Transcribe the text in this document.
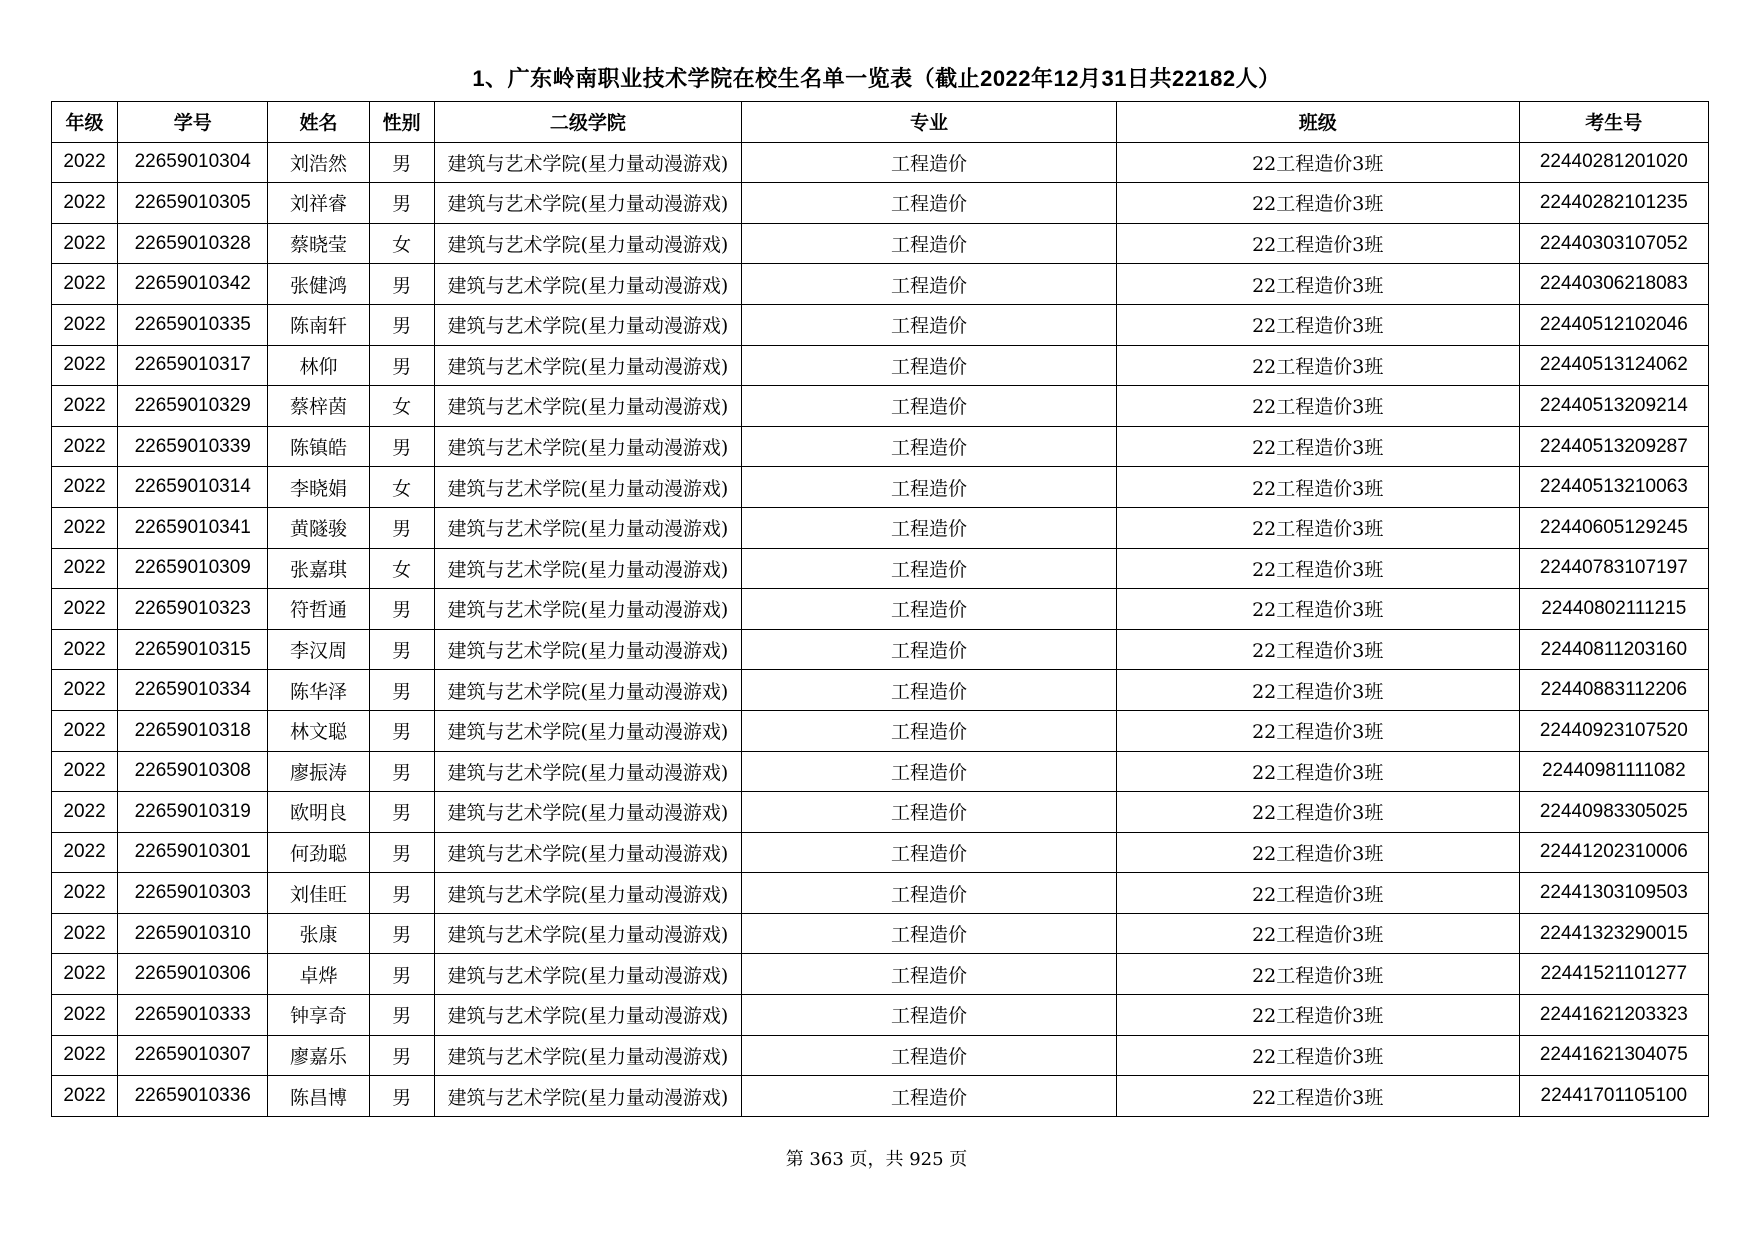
1、广东岭南职业技术学院在校生名单一览表（截止2022年12月31日共22182人）
年级	学号	姓名	性别	二级学院	专业	班级	考生号
2022	22659010304	刘浩然	男	建筑与艺术学院(星力量动漫游戏)	工程造价	22工程造价3班	22440281201020
2022	22659010305	刘祥睿	男	建筑与艺术学院(星力量动漫游戏)	工程造价	22工程造价3班	22440282101235
2022	22659010328	蔡晓莹	女	建筑与艺术学院(星力量动漫游戏)	工程造价	22工程造价3班	22440303107052
2022	22659010342	张健鸿	男	建筑与艺术学院(星力量动漫游戏)	工程造价	22工程造价3班	22440306218083
2022	22659010335	陈南轩	男	建筑与艺术学院(星力量动漫游戏)	工程造价	22工程造价3班	22440512102046
2022	22659010317	林仰	男	建筑与艺术学院(星力量动漫游戏)	工程造价	22工程造价3班	22440513124062
2022	22659010329	蔡梓茵	女	建筑与艺术学院(星力量动漫游戏)	工程造价	22工程造价3班	22440513209214
2022	22659010339	陈镇皓	男	建筑与艺术学院(星力量动漫游戏)	工程造价	22工程造价3班	22440513209287
2022	22659010314	李晓娟	女	建筑与艺术学院(星力量动漫游戏)	工程造价	22工程造价3班	22440513210063
2022	22659010341	黄隧骏	男	建筑与艺术学院(星力量动漫游戏)	工程造价	22工程造价3班	22440605129245
2022	22659010309	张嘉琪	女	建筑与艺术学院(星力量动漫游戏)	工程造价	22工程造价3班	22440783107197
2022	22659010323	符哲通	男	建筑与艺术学院(星力量动漫游戏)	工程造价	22工程造价3班	22440802111215
2022	22659010315	李汉周	男	建筑与艺术学院(星力量动漫游戏)	工程造价	22工程造价3班	22440811203160
2022	22659010334	陈华泽	男	建筑与艺术学院(星力量动漫游戏)	工程造价	22工程造价3班	22440883112206
2022	22659010318	林文聪	男	建筑与艺术学院(星力量动漫游戏)	工程造价	22工程造价3班	22440923107520
2022	22659010308	廖振涛	男	建筑与艺术学院(星力量动漫游戏)	工程造价	22工程造价3班	22440981111082
2022	22659010319	欧明良	男	建筑与艺术学院(星力量动漫游戏)	工程造价	22工程造价3班	22440983305025
2022	22659010301	何劲聪	男	建筑与艺术学院(星力量动漫游戏)	工程造价	22工程造价3班	22441202310006
2022	22659010303	刘佳旺	男	建筑与艺术学院(星力量动漫游戏)	工程造价	22工程造价3班	22441303109503
2022	22659010310	张康	男	建筑与艺术学院(星力量动漫游戏)	工程造价	22工程造价3班	22441323290015
2022	22659010306	卓烨	男	建筑与艺术学院(星力量动漫游戏)	工程造价	22工程造价3班	22441521101277
2022	22659010333	钟享奇	男	建筑与艺术学院(星力量动漫游戏)	工程造价	22工程造价3班	22441621203323
2022	22659010307	廖嘉乐	男	建筑与艺术学院(星力量动漫游戏)	工程造价	22工程造价3班	22441621304075
2022	22659010336	陈昌博	男	建筑与艺术学院(星力量动漫游戏)	工程造价	22工程造价3班	22441701105100
第 363 页，共 925 页
